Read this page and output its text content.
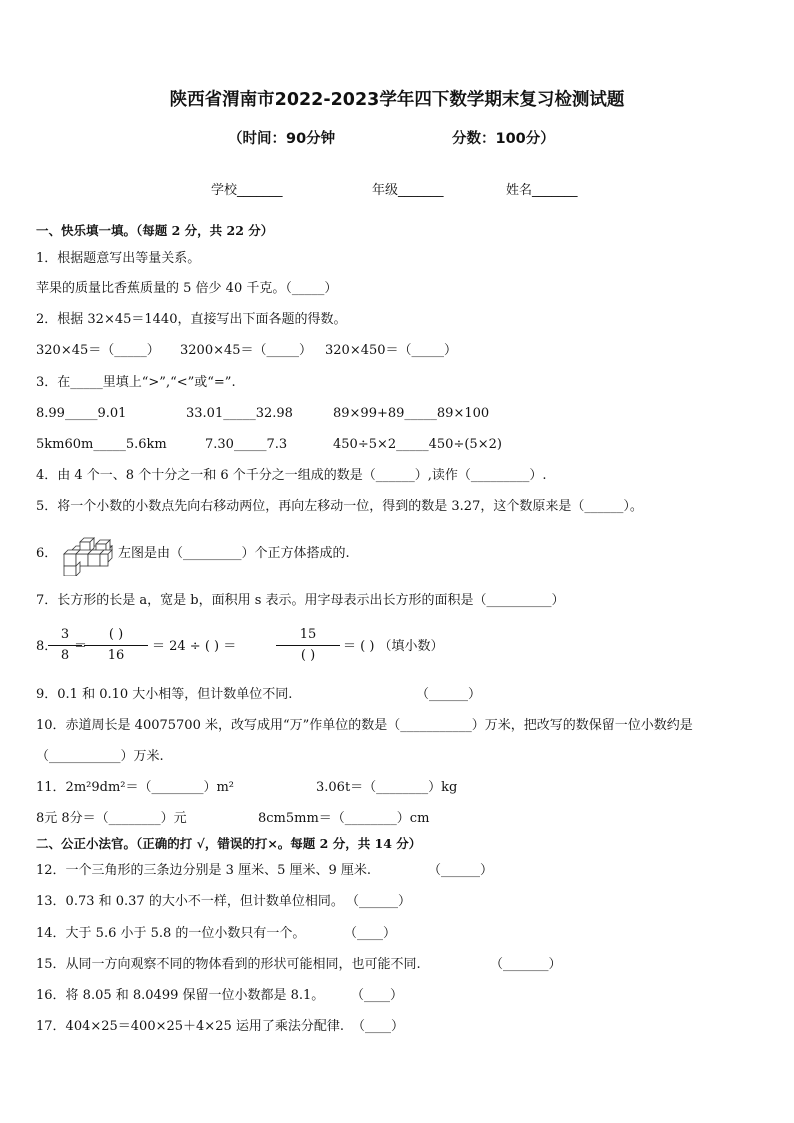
陕西省渭南市2022-2023学年四下数学期末复习检测试题
（时间：90分钟	分数：100分）
学校_______	年级_______	姓名_______
一、快乐填一填。（每题 2 分，共 22 分）
1．根据题意写出等量关系。
苹果的质量比香蕉质量的 5 倍少 40 千克。（_____）
2．根据 32×45＝1440，直接写出下面各题的得数。
320×45＝（_____） 3200×45＝（_____） 320×450＝（_____）
3．在_____里填上“>”,“<”或“=”.
8.99_____9.01	33.01_____32.98	89×99+89_____89×100
5km60m_____5.6km	7.30_____7.3	450÷5×2_____450÷(5×2)
4．由 4 个一、8 个十分之一和 6 个千分之一组成的数是（______）,读作（_________）.
5．将一个小数的小数点先向右移动两位，再向左移动一位，得到的数是 3.27，这个数原来是（______）。
6．	左图是由（_________）个正方体搭成的.
7．长方形的长是 a，宽是 b，面积用 s 表示。用字母表示出长方形的面积是（__________）
8．
3
8
＝
( )
16
＝ 24 ÷ ( ) ＝
15
( )
＝ ( ) （填小数）
9．0.1 和 0.10 大小相等，但计数单位不同.	（______）
10．赤道周长是 40075700 米，改写成用“万”作单位的数是（___________）万米，把改写的数保留一位小数约是
（___________）万米.
11．2m²9dm²＝（________）m²	3.06t＝（________）kg
8元 8分＝（________）元	8cm5mm＝（________）cm
二、公正小法官。（正确的打 √，错误的打×。每题 2 分，共 14 分）
12．一个三角形的三条边分别是 3 厘米、5 厘米、9 厘米.	（______）
13．0.73 和 0.37 的大小不一样，但计数单位相同。 （______）
14．大于 5.6 小于 5.8 的一位小数只有一个。	（____）
15．从同一方向观察不同的物体看到的形状可能相同，也可能不同.	（_______）
16．将 8.05 和 8.0499 保留一位小数都是 8.1。 （____）
17．404×25＝400×25＋4×25 运用了乘法分配律. （____）
